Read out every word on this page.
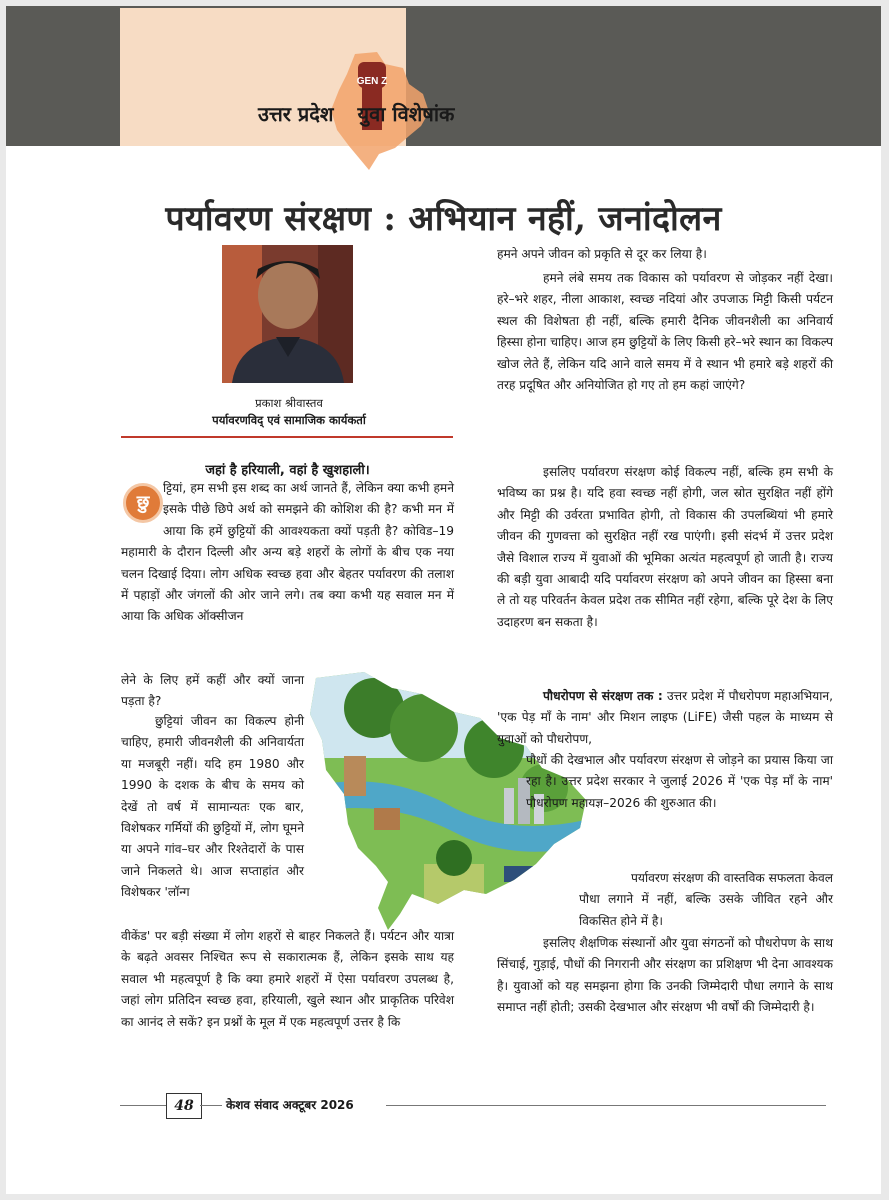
GEN Z
उत्तर प्रदेश युवा विशेषांक
पर्यावरण संरक्षण : अभियान नहीं, जनांदोलन
प्रकाश श्रीवास्तव
पर्यावरणविद् एवं सामाजिक कार्यकर्ता
जहां है हरियाली, वहां है खुशहाली।
छु
ट्टियां, हम सभी इस शब्द का अर्थ जानते हैं, लेकिन क्या कभी हमने इसके पीछे छिपे अर्थ को समझने की कोशिश की है? कभी मन में आया कि हमें छुट्टियों की आवश्यकता क्यों पड़ती है? कोविड–19 महामारी के दौरान दिल्ली और अन्य बड़े शहरों के लोगों के बीच एक नया चलन दिखाई दिया। लोग अधिक स्वच्छ हवा और बेहतर पर्यावरण की तलाश में पहाड़ों और जंगलों की ओर जाने लगे। तब क्या कभी यह सवाल मन में आया कि अधिक ऑक्सीजन
लेने के लिए हमें कहीं और क्यों जाना पड़ता है?
छुट्टियां जीवन का विकल्प होनी चाहिए, हमारी जीवनशैली की अनिवार्यता या मजबूरी नहीं। यदि हम 1980 और 1990 के दशक के बीच के समय को देखें तो वर्ष में सामान्यतः एक बार, विशेषकर गर्मियों की छुट्टियों में, लोग घूमने या अपने गांव–घर और रिश्तेदारों के पास जाने निकलते थे। आज सप्ताहांत और विशेषकर 'लॉन्ग
वीकेंड' पर बड़ी संख्या में लोग शहरों से बाहर निकलते हैं। पर्यटन और यात्रा के बढ़ते अवसर निश्चित रूप से सकारात्मक हैं, लेकिन इसके साथ यह सवाल भी महत्वपूर्ण है कि क्या हमारे शहरों में ऐसा पर्यावरण उपलब्ध है, जहां लोग प्रतिदिन स्वच्छ हवा, हरियाली, खुले स्थान और प्राकृतिक परिवेश का आनंद ले सकें? इन प्रश्नों के मूल में एक महत्वपूर्ण उत्तर है कि
हमने अपने जीवन को प्रकृति से दूर कर लिया है।
हमने लंबे समय तक विकास को पर्यावरण से जोड़कर नहीं देखा। हरे–भरे शहर, नीला आकाश, स्वच्छ नदियां और उपजाऊ मिट्टी किसी पर्यटन स्थल की विशेषता ही नहीं, बल्कि हमारी दैनिक जीवनशैली का अनिवार्य हिस्सा होना चाहिए। आज हम छुट्टियों के लिए किसी हरे–भरे स्थान का विकल्प खोज लेते हैं, लेकिन यदि आने वाले समय में वे स्थान भी हमारे बड़े शहरों की तरह प्रदूषित और अनियोजित हो गए तो हम कहां जाएंगे?
इसलिए पर्यावरण संरक्षण कोई विकल्प नहीं, बल्कि हम सभी के भविष्य का प्रश्न है। यदि हवा स्वच्छ नहीं होगी, जल स्रोत सुरक्षित नहीं होंगे और मिट्टी की उर्वरता प्रभावित होगी, तो विकास की उपलब्धियां भी हमारे जीवन की गुणवत्ता को सुरक्षित नहीं रख पाएंगी। इसी संदर्भ में उत्तर प्रदेश जैसे विशाल राज्य में युवाओं की भूमिका अत्यंत महत्वपूर्ण हो जाती है। राज्य की बड़ी युवा आबादी यदि पर्यावरण संरक्षण को अपने जीवन का हिस्सा बना ले तो यह परिवर्तन केवल प्रदेश तक सीमित नहीं रहेगा, बल्कि पूरे देश के लिए उदाहरण बन सकता है।
पौधरोपण से संरक्षण तक : उत्तर प्रदेश में पौधरोपण महाअभियान, 'एक पेड़ माँ के नाम' और मिशन लाइफ (LiFE) जैसी पहल के माध्यम से युवाओं को पौधरोपण,
पौधों की देखभाल और पर्यावरण संरक्षण से जोड़ने का प्रयास किया जा रहा है। उत्तर प्रदेश सरकार ने जुलाई 2026 में 'एक पेड़ माँ के नाम' पौधरोपण महायज्ञ–2026 की शुरुआत की।
पर्यावरण संरक्षण की वास्तविक सफलता केवल पौधा लगाने में नहीं, बल्कि उसके जीवित रहने और विकसित होने में है।
इसलिए शैक्षणिक संस्थानों और युवा संगठनों को पौधरोपण के साथ सिंचाई, गुड़ाई, पौधों की निगरानी और संरक्षण का प्रशिक्षण भी देना आवश्यक है। युवाओं को यह समझना होगा कि उनकी जिम्मेदारी पौधा लगाने के साथ समाप्त नहीं होती; उसकी देखभाल और संरक्षण भी वर्षों की जिम्मेदारी है।
48	केशव संवाद अक्टूबर 2026
